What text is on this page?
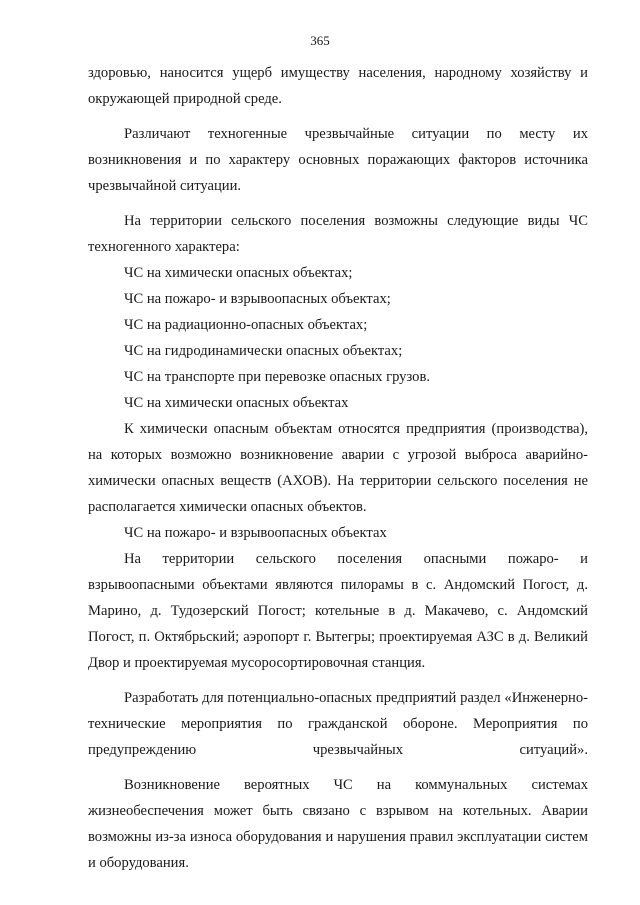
365

здоровью, наносится ущерб имуществу населения, народному хозяйству и окружающей природной среде.

Различают техногенные чрезвычайные ситуации по месту их возникновения и по характеру основных поражающих факторов источника чрезвычайной ситуации.

На территории сельского поселения возможны следующие виды ЧС техногенного характера:

ЧС на химически опасных объектах;

ЧС на пожаро- и взрывоопасных объектах;

ЧС на радиационно-опасных объектах;

ЧС на гидродинамически опасных объектах;

ЧС на транспорте при перевозке опасных грузов.

ЧС на химически опасных объектах

К химически опасным объектам относятся предприятия (производства), на которых возможно возникновение аварии с угрозой выброса аварийно-химически опасных веществ (АХОВ). На территории сельского поселения не располагается химически опасных объектов.

ЧС на пожаро- и взрывоопасных объектах

На территории сельского поселения опасными пожаро- и взрывоопасными объектами являются пилорамы в с. Андомский Погост, д. Марино, д. Тудозерский Погост; котельные в д. Макачево, с. Андомский Погост, п. Октябрьский; аэропорт г. Вытегры; проектируемая АЗС в д. Великий Двор и проектируемая мусоросортировочная станция.

Разработать для потенциально-опасных предприятий раздел «Инженерно-технические мероприятия по гражданской обороне. Мероприятия по предупреждению чрезвычайных ситуаций».

Возникновение вероятных ЧС на коммунальных системах жизнеобеспечения может быть связано с взрывом на котельных. Аварии возможны из-за износа оборудования и нарушения правил эксплуатации систем и оборудования.
